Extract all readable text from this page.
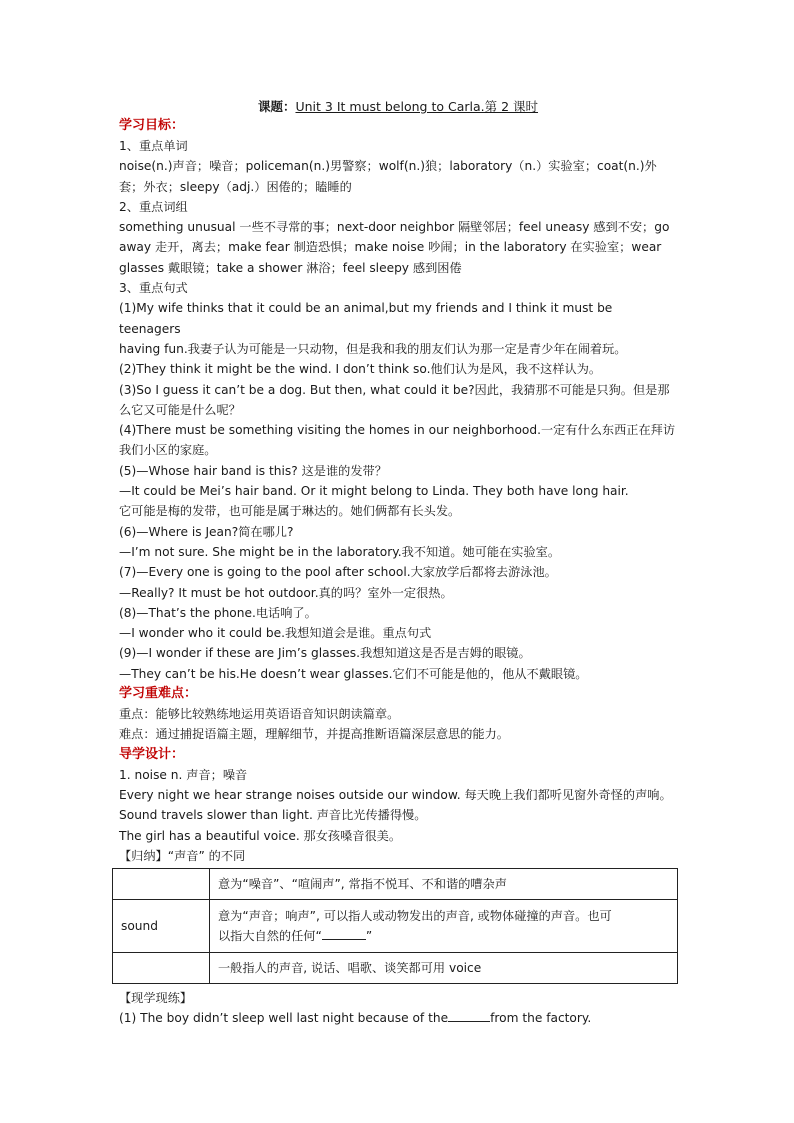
课题：Unit 3 It must belong to Carla.第 2 课时
学习目标：

1、重点单词

noise(n.)声音；噪音；policeman(n.)男警察；wolf(n.)狼；laboratory（n.）实验室；coat(n.)外

套；外衣；sleepy（adj.）困倦的；瞌睡的

2、重点词组

something unusual 一些不寻常的事；next-door neighbor 隔壁邻居；feel uneasy 感到不安；go

away 走开，离去；make fear 制造恐惧；make noise 吵闹；in the laboratory 在实验室；wear

glasses 戴眼镜；take a shower 淋浴；feel sleepy 感到困倦

3、重点句式

(1)My wife thinks that it could be an animal,but my friends and I think it must be teenagers

having fun.我妻子认为可能是一只动物，但是我和我的朋友们认为那一定是青少年在闹着玩。

(2)They think it might be the wind. I don’t think so.他们认为是风，我不这样认为。

(3)So I guess it can’t be a dog. But then, what could it be?因此，我猜那不可能是只狗。但是那

么它又可能是什么呢？

(4)There must be something visiting the homes in our neighborhood.一定有什么东西正在拜访

我们小区的家庭。

(5)—Whose hair band is this? 这是谁的发带？

—It could be Mei’s hair band. Or it might belong to Linda. They both have long hair.

它可能是梅的发带，也可能是属于琳达的。她们俩都有长头发。

(6)—Where is Jean?简在哪儿?

—I’m not sure. She might be in the laboratory.我不知道。她可能在实验室。

(7)—Every one is going to the pool after school.大家放学后都将去游泳池。

—Really? It must be hot outdoor.真的吗？室外一定很热。

(8)—That’s the phone.电话响了。

—I wonder who it could be.我想知道会是谁。重点句式

(9)—I wonder if these are Jim’s glasses.我想知道这是否是吉姆的眼镜。

—They can’t be his.He doesn’t wear glasses.它们不可能是他的，他从不戴眼镜。

学习重难点：

重点：能够比较熟练地运用英语语音知识朗读篇章。

难点：通过捕捉语篇主题，理解细节，并提高推断语篇深层意思的能力。

导学设计：

1. noise n. 声音；噪音

Every night we hear strange noises outside our window. 每天晚上我们都听见窗外奇怪的声响。

Sound travels slower than light. 声音比光传播得慢。

The girl has a beautiful voice. 那女孩嗓音很美。

【归纳】“声音” 的不同

	意为“噪音”、“喧闹声”, 常指不悦耳、不和谐的嘈杂声
sound	意为“声音；响声”, 可以指人或动物发出的声音, 或物体碰撞的声音。也可
以指大自然的任何“ ”
	一般指人的声音, 说话、唱歌、谈笑都可用 voice

【现学现练】

(1) The boy didn’t sleep well last night because of the	from the factory.
